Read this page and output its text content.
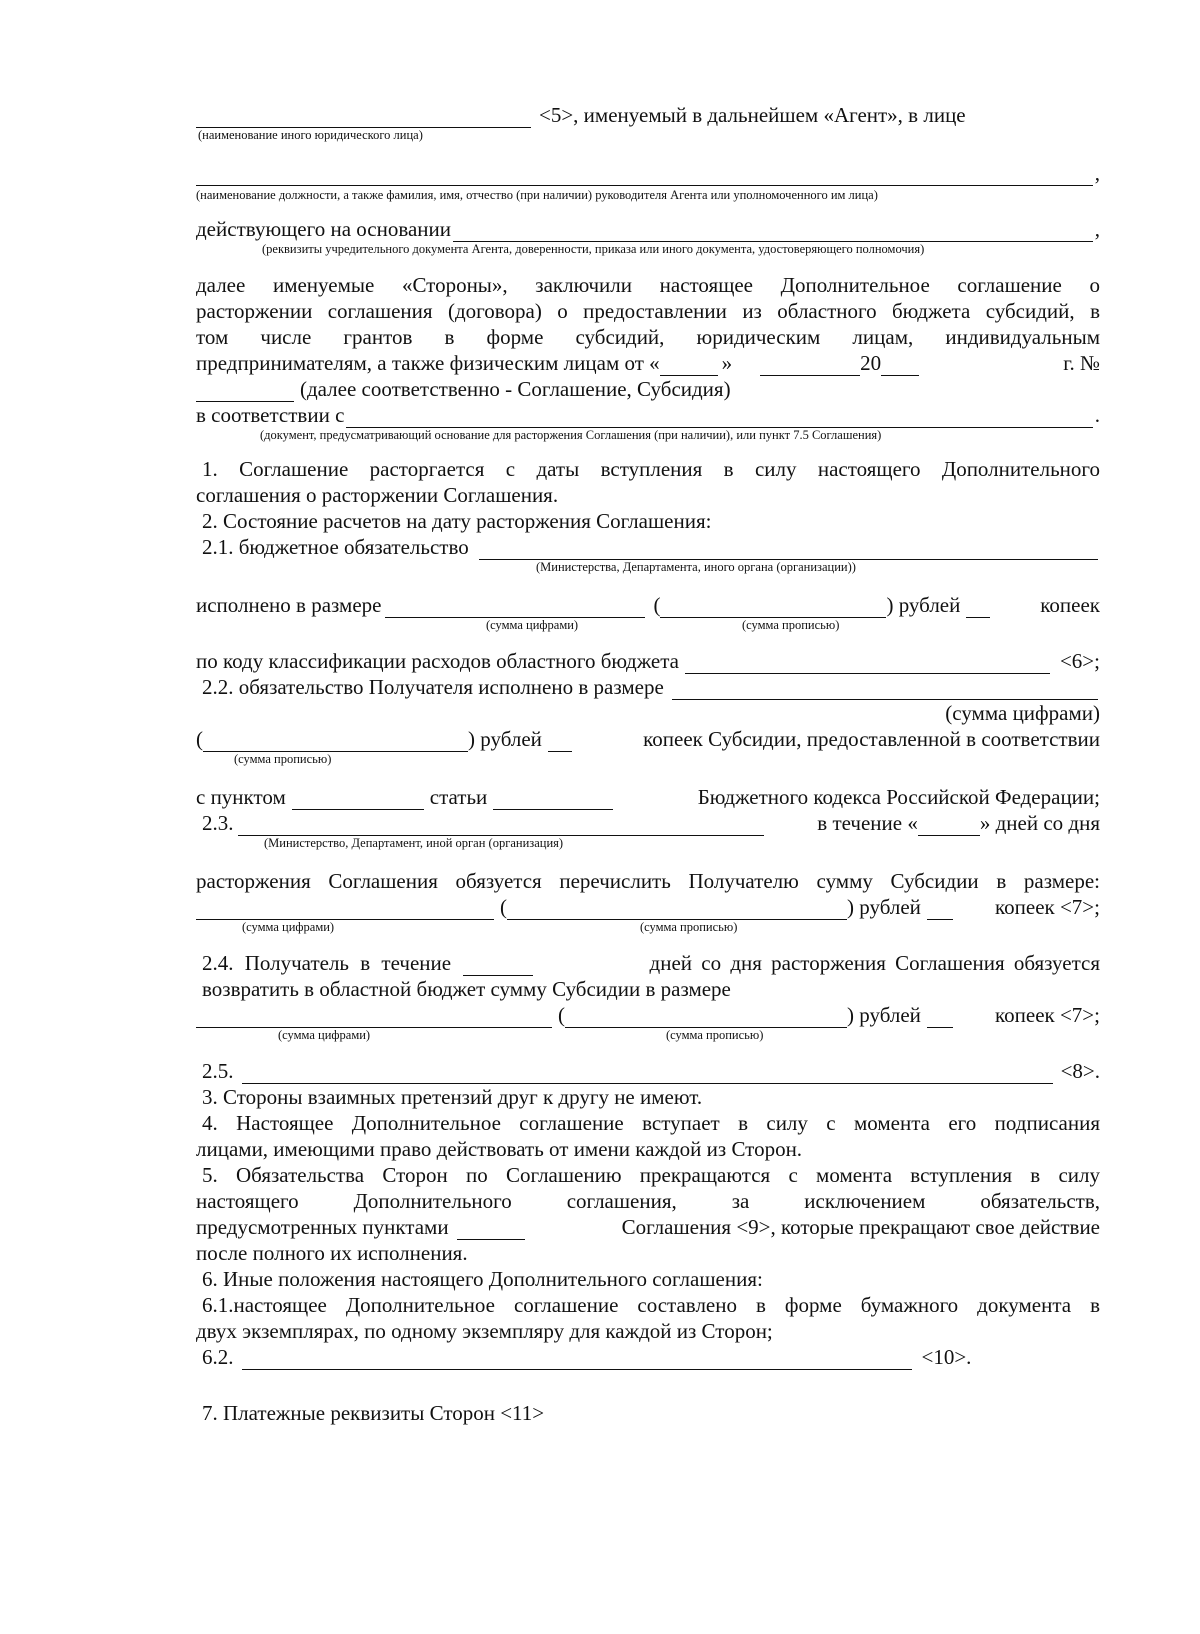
<5>, именуемый в дальнейшем «Агент», в лице
(наименование иного юридического лица)
,
(наименование должности, а также фамилия, имя, отчество (при наличии) руководителя Агента или уполномоченного им лица)
действующего на основании	,
(реквизиты учредительного документа Агента, доверенности, приказа или иного документа, удостоверяющего полномочия)
далее именуемые «Стороны», заключили настоящее Дополнительное соглашение о
расторжении соглашения (договора) о предоставлении из областного бюджета субсидий, в
том числе грантов в форме субсидий, юридическим лицам, индивидуальным
предпринимателям, а также физическим лицам от «	»	20	г. №
(далее соответственно - Соглашение, Субсидия)
в соответствии с	.
(документ, предусматривающий основание для расторжения Соглашения (при наличии), или пункт 7.5 Соглашения)
1. Соглашение расторгается с даты вступления в силу настоящего Дополнительного
соглашения о расторжении Соглашения.
2. Состояние расчетов на дату расторжения Соглашения:
2.1. бюджетное обязательство
(Министерства, Департамента, иного органа (организации))
исполнено в размере	(	) рублей	копеек
(сумма цифрами)	(сумма прописью)
по коду классификации расходов областного бюджета	<6>;
2.2. обязательство Получателя исполнено в размере
(сумма цифрами)
(	) рублей	копеек Субсидии, предоставленной в соответствии
(сумма прописью)
с пунктом	статьи	Бюджетного кодекса Российской Федерации;
2.3.	в течение «	» дней со дня
(Министерство, Департамент, иной орган (организация)
расторжения Соглашения обязуется перечислить Получателю сумму Субсидии в размере:
(	) рублей	копеек <7>;
(сумма цифрами)	(сумма прописью)
2.4. Получатель в течение	дней со дня расторжения Соглашения обязуется
возвратить в областной бюджет сумму Субсидии в размере
(	) рублей	копеек <7>;
(сумма цифрами)	(сумма прописью)
2.5.	<8>.
3. Стороны взаимных претензий друг к другу не имеют.
4. Настоящее Дополнительное соглашение вступает в силу с момента его подписания
лицами, имеющими право действовать от имени каждой из Сторон.
5. Обязательства Сторон по Соглашению прекращаются с момента вступления в силу
настоящего Дополнительного соглашения, за исключением обязательств,
предусмотренных пунктами	Соглашения <9>, которые прекращают свое действие
после полного их исполнения.
6. Иные положения настоящего Дополнительного соглашения:
6.1.настоящее Дополнительное соглашение составлено в форме бумажного документа в
двух экземплярах, по одному экземпляру для каждой из Сторон;
6.2.	<10>.
7. Платежные реквизиты Сторон <11>
